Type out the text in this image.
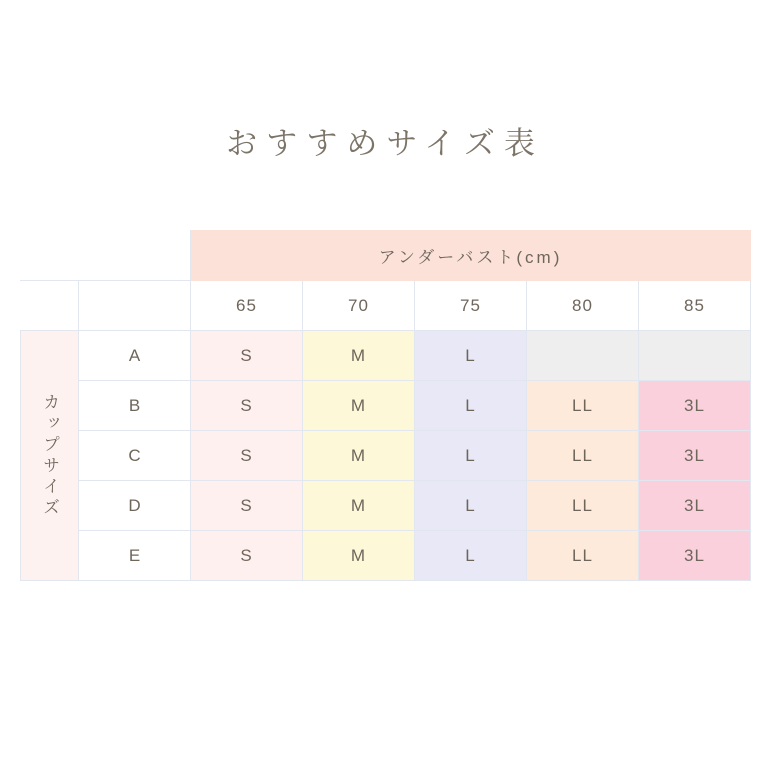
おすすめサイズ表
		アンダーバスト(cm)				
		65	70	75	80	85
カップサイズ	A	S	M	L		
	B	S	M	L	LL	3L
	C	S	M	L	LL	3L
	D	S	M	L	LL	3L
	E	S	M	L	LL	3L
